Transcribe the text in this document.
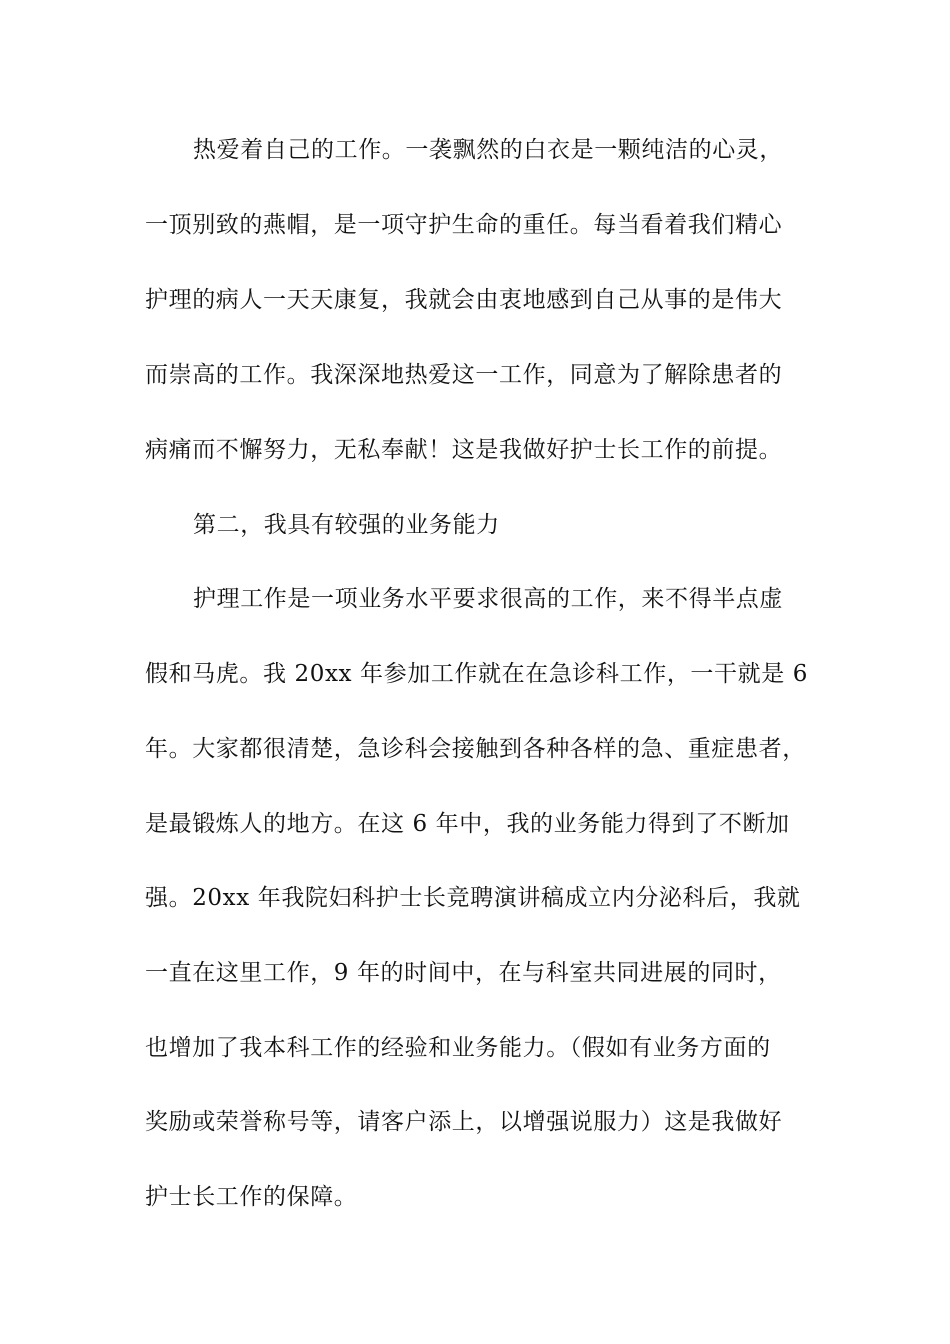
热爱着自己的工作。一袭飘然的白衣是一颗纯洁的心灵，
一顶别致的燕帽，是一项守护生命的重任。每当看着我们精心
护理的病人一天天康复，我就会由衷地感到自己从事的是伟大
而崇高的工作。我深深地热爱这一工作，同意为了解除患者的
病痛而不懈努力，无私奉献！这是我做好护士长工作的前提。
第二，我具有较强的业务能力
护理工作是一项业务水平要求很高的工作，来不得半点虚
假和马虎。我 20xx 年参加工作就在在急诊科工作，一干就是 6
年。大家都很清楚，急诊科会接触到各种各样的急、重症患者，
是最锻炼人的地方。在这 6 年中，我的业务能力得到了不断加
强。20xx 年我院妇科护士长竞聘演讲稿成立内分泌科后，我就
一直在这里工作，9 年的时间中，在与科室共同进展的同时，
也增加了我本科工作的经验和业务能力。（假如有业务方面的
奖励或荣誉称号等，请客户添上，以增强说服力）这是我做好
护士长工作的保障。
